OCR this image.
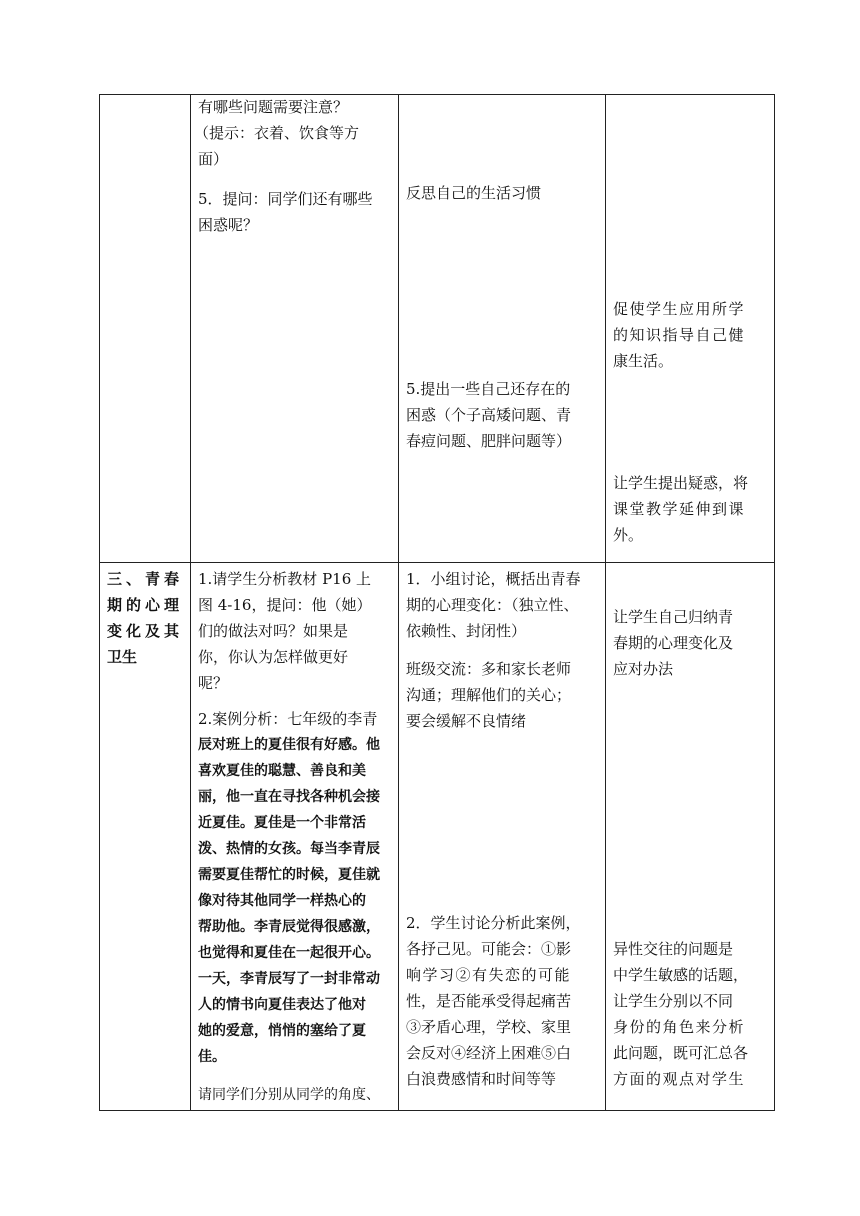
有哪些问题需要注意？
（提示：衣着、饮食等方
面）
5．提问：同学们还有哪些
困惑呢？
反思自己的生活习惯
5.提出一些自己还存在的
困惑（个子高矮问题、青
春痘问题、肥胖问题等）
促使学生应用所学
的知识指导自己健
康生活。
让学生提出疑惑，将
课堂教学延伸到课
外。
三、青春
期的心理
变化及其
卫生
1.请学生分析教材 P16 上
图 4-16，提问：他（她）
们的做法对吗？如果是
你，你认为怎样做更好
呢？
2.案例分析：七年级的李青
辰对班上的夏佳很有好感。他
喜欢夏佳的聪慧、善良和美
丽，他一直在寻找各种机会接
近夏佳。夏佳是一个非常活
泼、热情的女孩。每当李青辰
需要夏佳帮忙的时候，夏佳就
像对待其他同学一样热心的
帮助他。李青辰觉得很感激，
也觉得和夏佳在一起很开心。
一天，李青辰写了一封非常动
人的情书向夏佳表达了他对
她的爱意，悄悄的塞给了夏
佳。
请同学们分别从同学的角度、
1．小组讨论，概括出青春
期的心理变化：（独立性、
依赖性、封闭性）
班级交流：多和家长老师
沟通；理解他们的关心；
要会缓解不良情绪
2．学生讨论分析此案例，
各抒己见。可能会：①影
响学习②有失恋的可能
性，是否能承受得起痛苦
③矛盾心理，学校、家里
会反对④经济上困难⑤白
白浪费感情和时间等等
让学生自己归纳青
春期的心理变化及
应对办法
异性交往的问题是
中学生敏感的话题，
让学生分别以不同
身份的角色来分析
此问题，既可汇总各
方面的观点对学生
